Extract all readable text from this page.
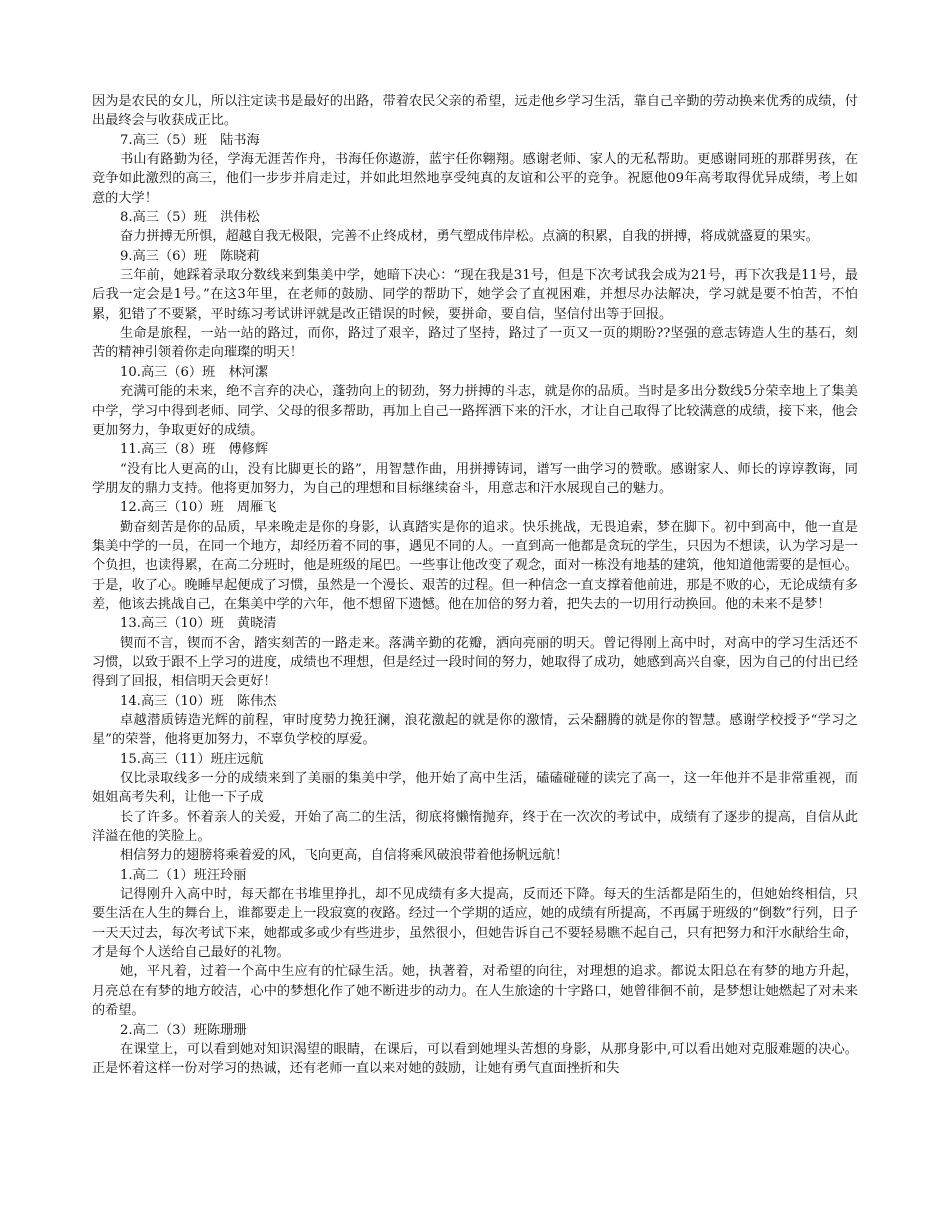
因为是农民的女儿，所以注定读书是最好的出路，带着农民父亲的希望，远走他乡学习生活，靠自己辛勤的劳动换来优秀的成绩，付出最终会与收获成正比。

7.高三（5）班　陆书海

书山有路勤为径，学海无涯苦作舟，书海任你遨游，蓝宇任你翱翔。感谢老师、家人的无私帮助。更感谢同班的那群男孩，在竞争如此激烈的高三，他们一步步并肩走过，并如此坦然地享受纯真的友谊和公平的竞争。祝愿他09年高考取得优异成绩，考上如意的大学！

8.高三（5）班　洪伟松

奋力拼搏无所惧，超越自我无极限，完善不止终成材，勇气塑成伟岸松。点滴的积累，自我的拼搏，将成就盛夏的果实。

9.高三（6）班　陈晓莉

三年前，她踩着录取分数线来到集美中学，她暗下决心：“现在我是31号，但是下次考试我会成为21号，再下次我是11号，最后我一定会是1号。”在这3年里，在老师的鼓励、同学的帮助下，她学会了直视困难，并想尽办法解决，学习就是要不怕苦，不怕累，犯错了不要紧，平时练习考试讲评就是改正错误的时候，要拼命，要自信，坚信付出等于回报。

生命是旅程，一站一站的路过，而你，路过了艰辛，路过了坚持，路过了一页又一页的期盼??坚强的意志铸造人生的基石，刻苦的精神引领着你走向璀璨的明天！

10.高三（6）班　林河潔

充满可能的未来，绝不言弃的决心，蓬勃向上的韧劲，努力拼搏的斗志，就是你的品质。当时是多出分数线5分荣幸地上了集美中学，学习中得到老师、同学、父母的很多帮助，再加上自己一路挥洒下来的汗水，才让自己取得了比较满意的成绩，接下来，他会更加努力，争取更好的成绩。

11.高三（8）班　傅修辉

“没有比人更高的山，没有比脚更长的路”，用智慧作曲，用拼搏铸词，谱写一曲学习的赞歌。感谢家人、师长的谆谆教诲，同学朋友的鼎力支持。他将更加努力，为自己的理想和目标继续奋斗，用意志和汗水展现自己的魅力。

12.高三（10）班　周雁飞

勤奋刻苦是你的品质，早来晚走是你的身影，认真踏实是你的追求。快乐挑战，无畏追索，梦在脚下。初中到高中，他一直是集美中学的一员，在同一个地方，却经历着不同的事，遇见不同的人。一直到高一他都是贪玩的学生，只因为不想读，认为学习是一个负担，也读得累，在高二分班时，他是班级的尾巴。一些事让他改变了观念，面对一栋没有地基的建筑，他知道他需要的是恒心。于是，收了心。晚睡早起便成了习惯，虽然是一个漫长、艰苦的过程。但一种信念一直支撑着他前进，那是不败的心，无论成绩有多差，他该去挑战自己，在集美中学的六年，他不想留下遗憾。他在加倍的努力着，把失去的一切用行动换回。他的未来不是梦！

13.高三（10）班　黄晓清

锲而不言，锲而不舍，踏实刻苦的一路走来。落满辛勤的花瓣，洒向亮丽的明天。曾记得刚上高中时，对高中的学习生活还不习惯，以致于跟不上学习的进度，成绩也不理想，但是经过一段时间的努力，她取得了成功，她感到高兴自豪，因为自己的付出已经得到了回报，相信明天会更好！

14.高三（10）班　陈伟杰

卓越潜质铸造光辉的前程，审时度势力挽狂澜，浪花激起的就是你的激情，云朵翻腾的就是你的智慧。感谢学校授予“学习之星”的荣誉，他将更加努力，不辜负学校的厚爱。

15.高三（11）班庄远航

仅比录取线多一分的成绩来到了美丽的集美中学，他开始了高中生活，磕磕碰碰的读完了高一，这一年他并不是非常重视，而姐姐高考失利，让他一下子成

长了许多。怀着亲人的关爱，开始了高二的生活，彻底将懒惰抛弃，终于在一次次的考试中，成绩有了逐步的提高，自信从此洋溢在他的笑脸上。

相信努力的翅膀将乘着爱的风，飞向更高，自信将乘风破浪带着他扬帆远航！

1.高二（1）班汪玲丽

记得刚升入高中时，每天都在书堆里挣扎，却不见成绩有多大提高，反而还下降。每天的生活都是陌生的，但她始终相信，只要生活在人生的舞台上，谁都要走上一段寂寞的夜路。经过一个学期的适应，她的成绩有所提高，不再属于班级的“倒数”行列，日子一天天过去，每次考试下来，她都或多或少有些进步，虽然很小，但她告诉自己不要轻易瞧不起自己，只有把努力和汗水献给生命，才是每个人送给自己最好的礼物。

她，平凡着，过着一个高中生应有的忙碌生活。她，执著着，对希望的向往，对理想的追求。都说太阳总在有梦的地方升起，月亮总在有梦的地方皎洁，心中的梦想化作了她不断进步的动力。在人生旅途的十字路口，她曾徘徊不前，是梦想让她燃起了对未来的希望。

2.高二（3）班陈珊珊

在课堂上，可以看到她对知识渴望的眼睛，在课后，可以看到她埋头苦想的身影，从那身影中,可以看出她对克服难题的决心。正是怀着这样一份对学习的热诚，还有老师一直以来对她的鼓励，让她有勇气直面挫折和失
